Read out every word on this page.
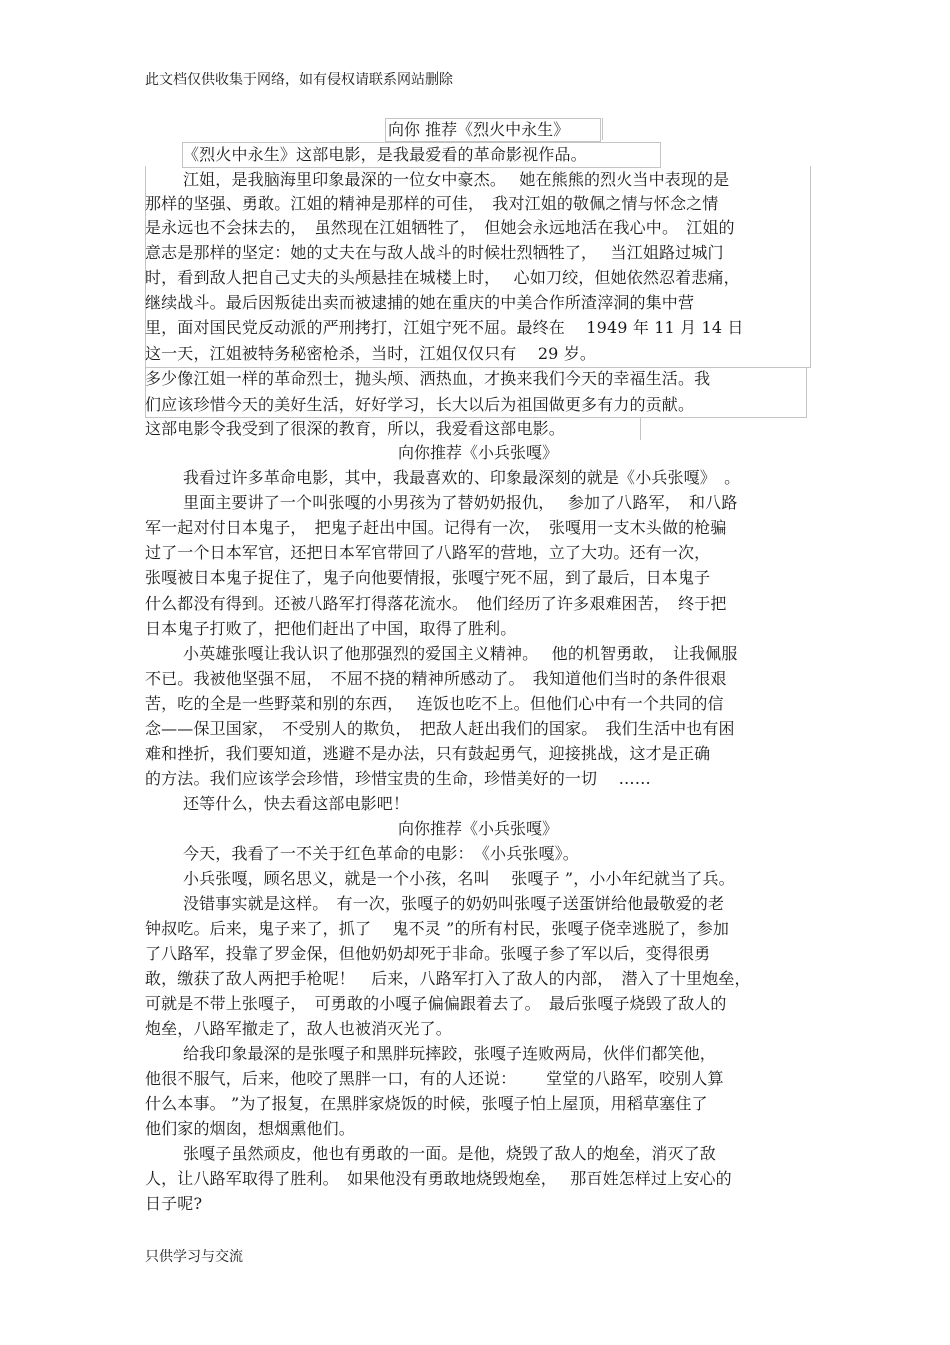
此文档仅供收集于网络，如有侵权请联系网站删除
只供学习与交流
向你 推荐《烈火中永生》
《烈火中永生》这部电影，是我最爱看的革命影视作品。
江姐，是我脑海里印象最深的一位女中豪杰。　 她在熊熊的烈火当中表现的是
那样的坚强、勇敢。江姐的精神是那样的可佳，　我对江姐的敬佩之情与怀念之情
是永远也不会抹去的，　虽然现在江姐牺牲了，　但她会永远地活在我心中。　江姐的
意志是那样的坚定：她的丈夫在与敌人战斗的时候壮烈牺牲了，　 当江姐路过城门
时，看到敌人把自己丈夫的头颅悬挂在城楼上时，　 心如刀绞，但她依然忍着悲痛，
继续战斗。最后因叛徒出卖而被逮捕的她在重庆的中美合作所渣滓洞的集中营
里，面对国民党反动派的严刑拷打，江姐宁死不屈。最终在　 1949 年 11 月 14 日
这一天，江姐被特务秘密枪杀，当时，江姐仅仅只有　 29 岁。
多少像江姐一样的革命烈士，抛头颅、洒热血，才换来我们今天的幸福生活。我
们应该珍惜今天的美好生活，好好学习，长大以后为祖国做更多有力的贡献。
这部电影令我受到了很深的教育，所以，我爱看这部电影。
向你推荐《小兵张嘎》
我看过许多革命电影，其中，我最喜欢的、印象最深刻的就是《小兵张嘎》　。
里面主要讲了一个叫张嘎的小男孩为了替奶奶报仇，　 参加了八路军，　和八路
军一起对付日本鬼子，　把鬼子赶出中国。记得有一次，　张嘎用一支木头做的枪骗
过了一个日本军官，还把日本军官带回了八路军的营地，立了大功。还有一次，
张嘎被日本鬼子捉住了，鬼子向他要情报，张嘎宁死不屈，到了最后，日本鬼子
什么都没有得到。还被八路军打得落花流水。　他们经历了许多艰难困苦，　终于把
日本鬼子打败了，把他们赶出了中国，取得了胜利。
小英雄张嘎让我认识了他那强烈的爱国主义精神。　 他的机智勇敢，　让我佩服
不已。我被他坚强不屈，　不屈不挠的精神所感动了。　我知道他们当时的条件很艰
苦，吃的全是一些野菜和别的东西，　 连饭也吃不上。但他们心中有一个共同的信
念——保卫国家，　不受别人的欺负，　把敌人赶出我们的国家。　我们生活中也有困
难和挫折，我们要知道，逃避不是办法，只有鼓起勇气，迎接挑战，这才是正确
的方法。我们应该学会珍惜，珍惜宝贵的生命，珍惜美好的一切　 ……
还等什么，快去看这部电影吧！
向你推荐《小兵张嘎》
今天，我看了一不关于红色革命的电影：　《小兵张嘎》。
小兵张嘎，顾名思义，就是一个小孩，名叫　 张嘎子 ”，小小年纪就当了兵。
没错事实就是这样。　有一次，张嘎子的奶奶叫张嘎子送蛋饼给他最敬爱的老
钟叔吃。后来，鬼子来了，抓了　 鬼不灵 ”的所有村民，张嘎子侥幸逃脱了，参加
了八路军，投靠了罗金保，但他奶奶却死于非命。张嘎子参了军以后，变得很勇
敢，缴获了敌人两把手枪呢！　后来，八路军打入了敌人的内部，　潜入了十里炮垒，
可就是不带上张嘎子，　可勇敢的小嘎子偏偏跟着去了。　最后张嘎子烧毁了敌人的
炮垒，八路军撤走了，敌人也被消灭光了。
给我印象最深的是张嘎子和黑胖玩摔跤，张嘎子连败两局，伙伴们都笑他，
他很不服气，后来，他咬了黑胖一口，有的人还说：　　 堂堂的八路军，咬别人算
什么本事。 ”为了报复，在黑胖家烧饭的时候，张嘎子怕上屋顶，用稻草塞住了
他们家的烟囱，想烟熏他们。
张嘎子虽然顽皮，他也有勇敢的一面。是他，烧毁了敌人的炮垒，消灭了敌
人，让八路军取得了胜利。　如果他没有勇敢地烧毁炮垒，　 那百姓怎样过上安心的
日子呢?
